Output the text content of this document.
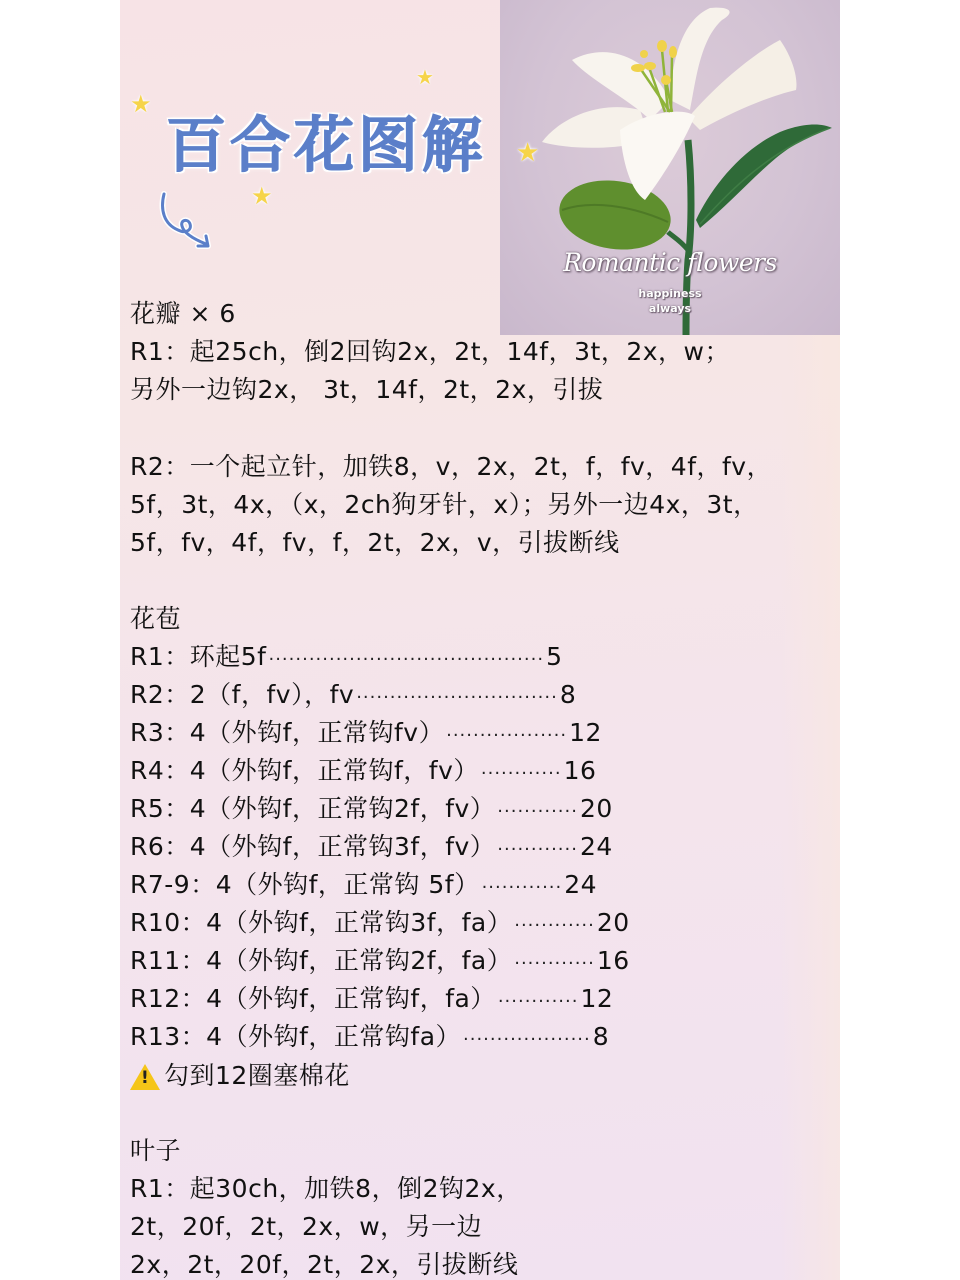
★
★
★
★
百合花图解
Romantic flowers
happiness
always
花瓣 × 6
R1：起25ch，倒2回钩2x，2t，14f，3t，2x，w；
另外一边钩2x， 3t，14f，2t，2x，引拔
R2：一个起立针，加铁8，v，2x，2t，f，fv，4f，fv，
5f，3t，4x，（x，2ch狗牙针，x）；另外一边4x，3t，
5f，fv，4f，fv，f，2t，2x，v，引拔断线
花苞
R1：环起5f ········································· 5
R2：2（f，fv），fv ······························ 8
R3：4（外钩f，正常钩fv） ·················· 12
R4：4（外钩f，正常钩f，fv） ············ 16
R5：4（外钩f，正常钩2f，fv） ············ 20
R6：4（外钩f，正常钩3f，fv） ············ 24
R7-9：4（外钩f，正常钩 5f） ············ 24
R10：4（外钩f，正常钩3f，fa） ············ 20
R11：4（外钩f，正常钩2f，fa） ············ 16
R12：4（外钩f，正常钩f，fa） ············ 12
R13：4（外钩f，正常钩fa） ··················· 8
! 勾到12圈塞棉花
叶子
R1：起30ch，加铁8，倒2钩2x，
2t，20f，2t，2x，w，另一边
2x，2t，20f，2t，2x，引拔断线
